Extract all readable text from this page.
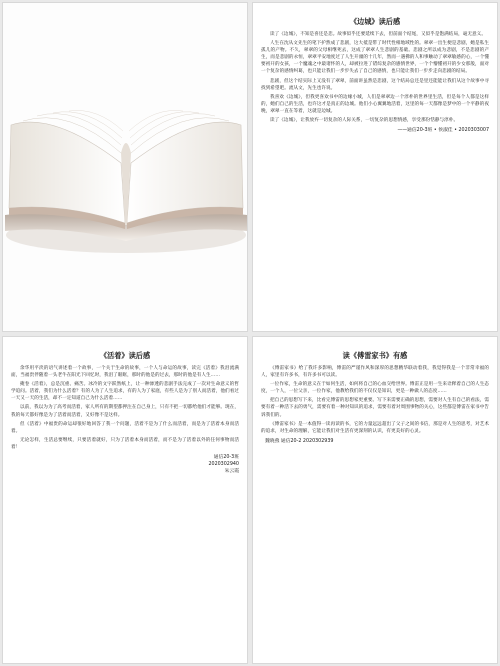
《边城》读后感

读了《边城》，不知是喜还是悲。故事似乎还要延续下去，但前面个结尾，又似乎是饱满结局，毫无意义。

人生在沈从文先生的笔下护然成了悲剧，这大抵是带了时代性相地域性的。翠翠一出生便是悲剧，她是私生孤儿的产物。不久，翠翠的父母相继死去，这成了翠翠人生悲剧的基础。悲剧之所以成为悲剧，不是悲剧的产生，而是悲剧的永恒，翠翠平安地度过了人生开頭的十几年，然而一遇佛的人和事触动了翠翠敏感的心，一个懂要初开的女孩，一个魔魂之中最诸怀的人，却被拉进了错综复杂的感情世界，一个个懵懂初开的少女那般，面对一个复杂的感情纠葛，也只能让我们一步步失去了自己的感情，也只能让我们一步步走向悲剧的结局。

悲剧，但这个结实际上又没有了翠翠，前面讲虽然是悲剧，这个结局总还是里还能能让我们从这个故事中寻找到希望吧。流从文，先生也许说。

我喜欢《边城》，但我更喜欢书中的边缘小城，人们是翠翠边一个淳朴的世界里生活，但是每个人都是这样的，她们自己的生活，也许这才是真正的边城。他们小心翼翼地活着，这里的每一天都像是梦中的一个平静的夜晚，翠翠一直在等着，这就是边城。

读了《边城》，让我放弃一切复杂的人际关系，一切复杂的思想情感，享受那份恬静与淳朴。

——通信20-3班 • 侯淑佳 • 2020303007
《活着》读后感

余华用平淡的语气讲述着一个故事，一个关于生命的故事，一个人与命运的故事，读完《活着》我泪流满面，当福贵伴随着一头老牛在阳光下回忆时，我泪了眼眶，那时的他是的过去，那时的他是有人生……

掩卷《活着》，总是沉重、痛苦。冰冷的文字跃然纸上，让一种渗透的悲剧手法完成了一次对生命意义的哲学追问。活着，我们为什么活着？有的人为了人生追求，有的人为了家庭，有些人是为了别人而活着，他们看过一天又一天的生活，却不一定知道自己为什么活着……

以前，我以为为了高考而活着，家人所有的期望都押注在自己身上，只有不把一切都给他们才能够。现在，我的每天都好像是为了活着而活着，又好像不是这样。

但《活着》中福贵的命运却很好地回答了我一个问题，活着不是为了什么而活着，而是为了活着本身而活着。

无论怎样，生活总要继续，只要活着就好，只为了活着本身而活着，而不是为了活着以外的任何事物而活着！

通信20-3班
2020302940
朱云霞
读《傅雷家书》有感

《傅雷家书》给了我许多影响，傅雷的严谨作风和深厚的思想精华联动着我，我觉得我是一个非常幸福的人，家里有许多书，有许多书可以读。

一位作家，生命的意义在于如何生活，如何将自己的心血交给世界。傅雷正是用一生来诠释着自己的人生态度，一个人，一位父亲，一位作家，他教给我们的不仅仅是知识，更是一种做人的态度……

把自己的思想写下来，比看完傅雷的思想家更重要。写下来需要正确的思想，需要对人生有自己的看法，需要有着一种活下去的勇气，需要有着一种对知识的追求，需要有着对周围事物的关心，这些都是傅雷在家书中告诉我们的。

《傅雷家书》是一本值得一读再读的书，它的力量远远超出了父子之间的书信，那是对人生的思考，对艺术的追求，对生命的理解，它能让我们对生活有更深刻的认识，有更美好的心灵。

魏晓燕 通信20-2 2020302939
